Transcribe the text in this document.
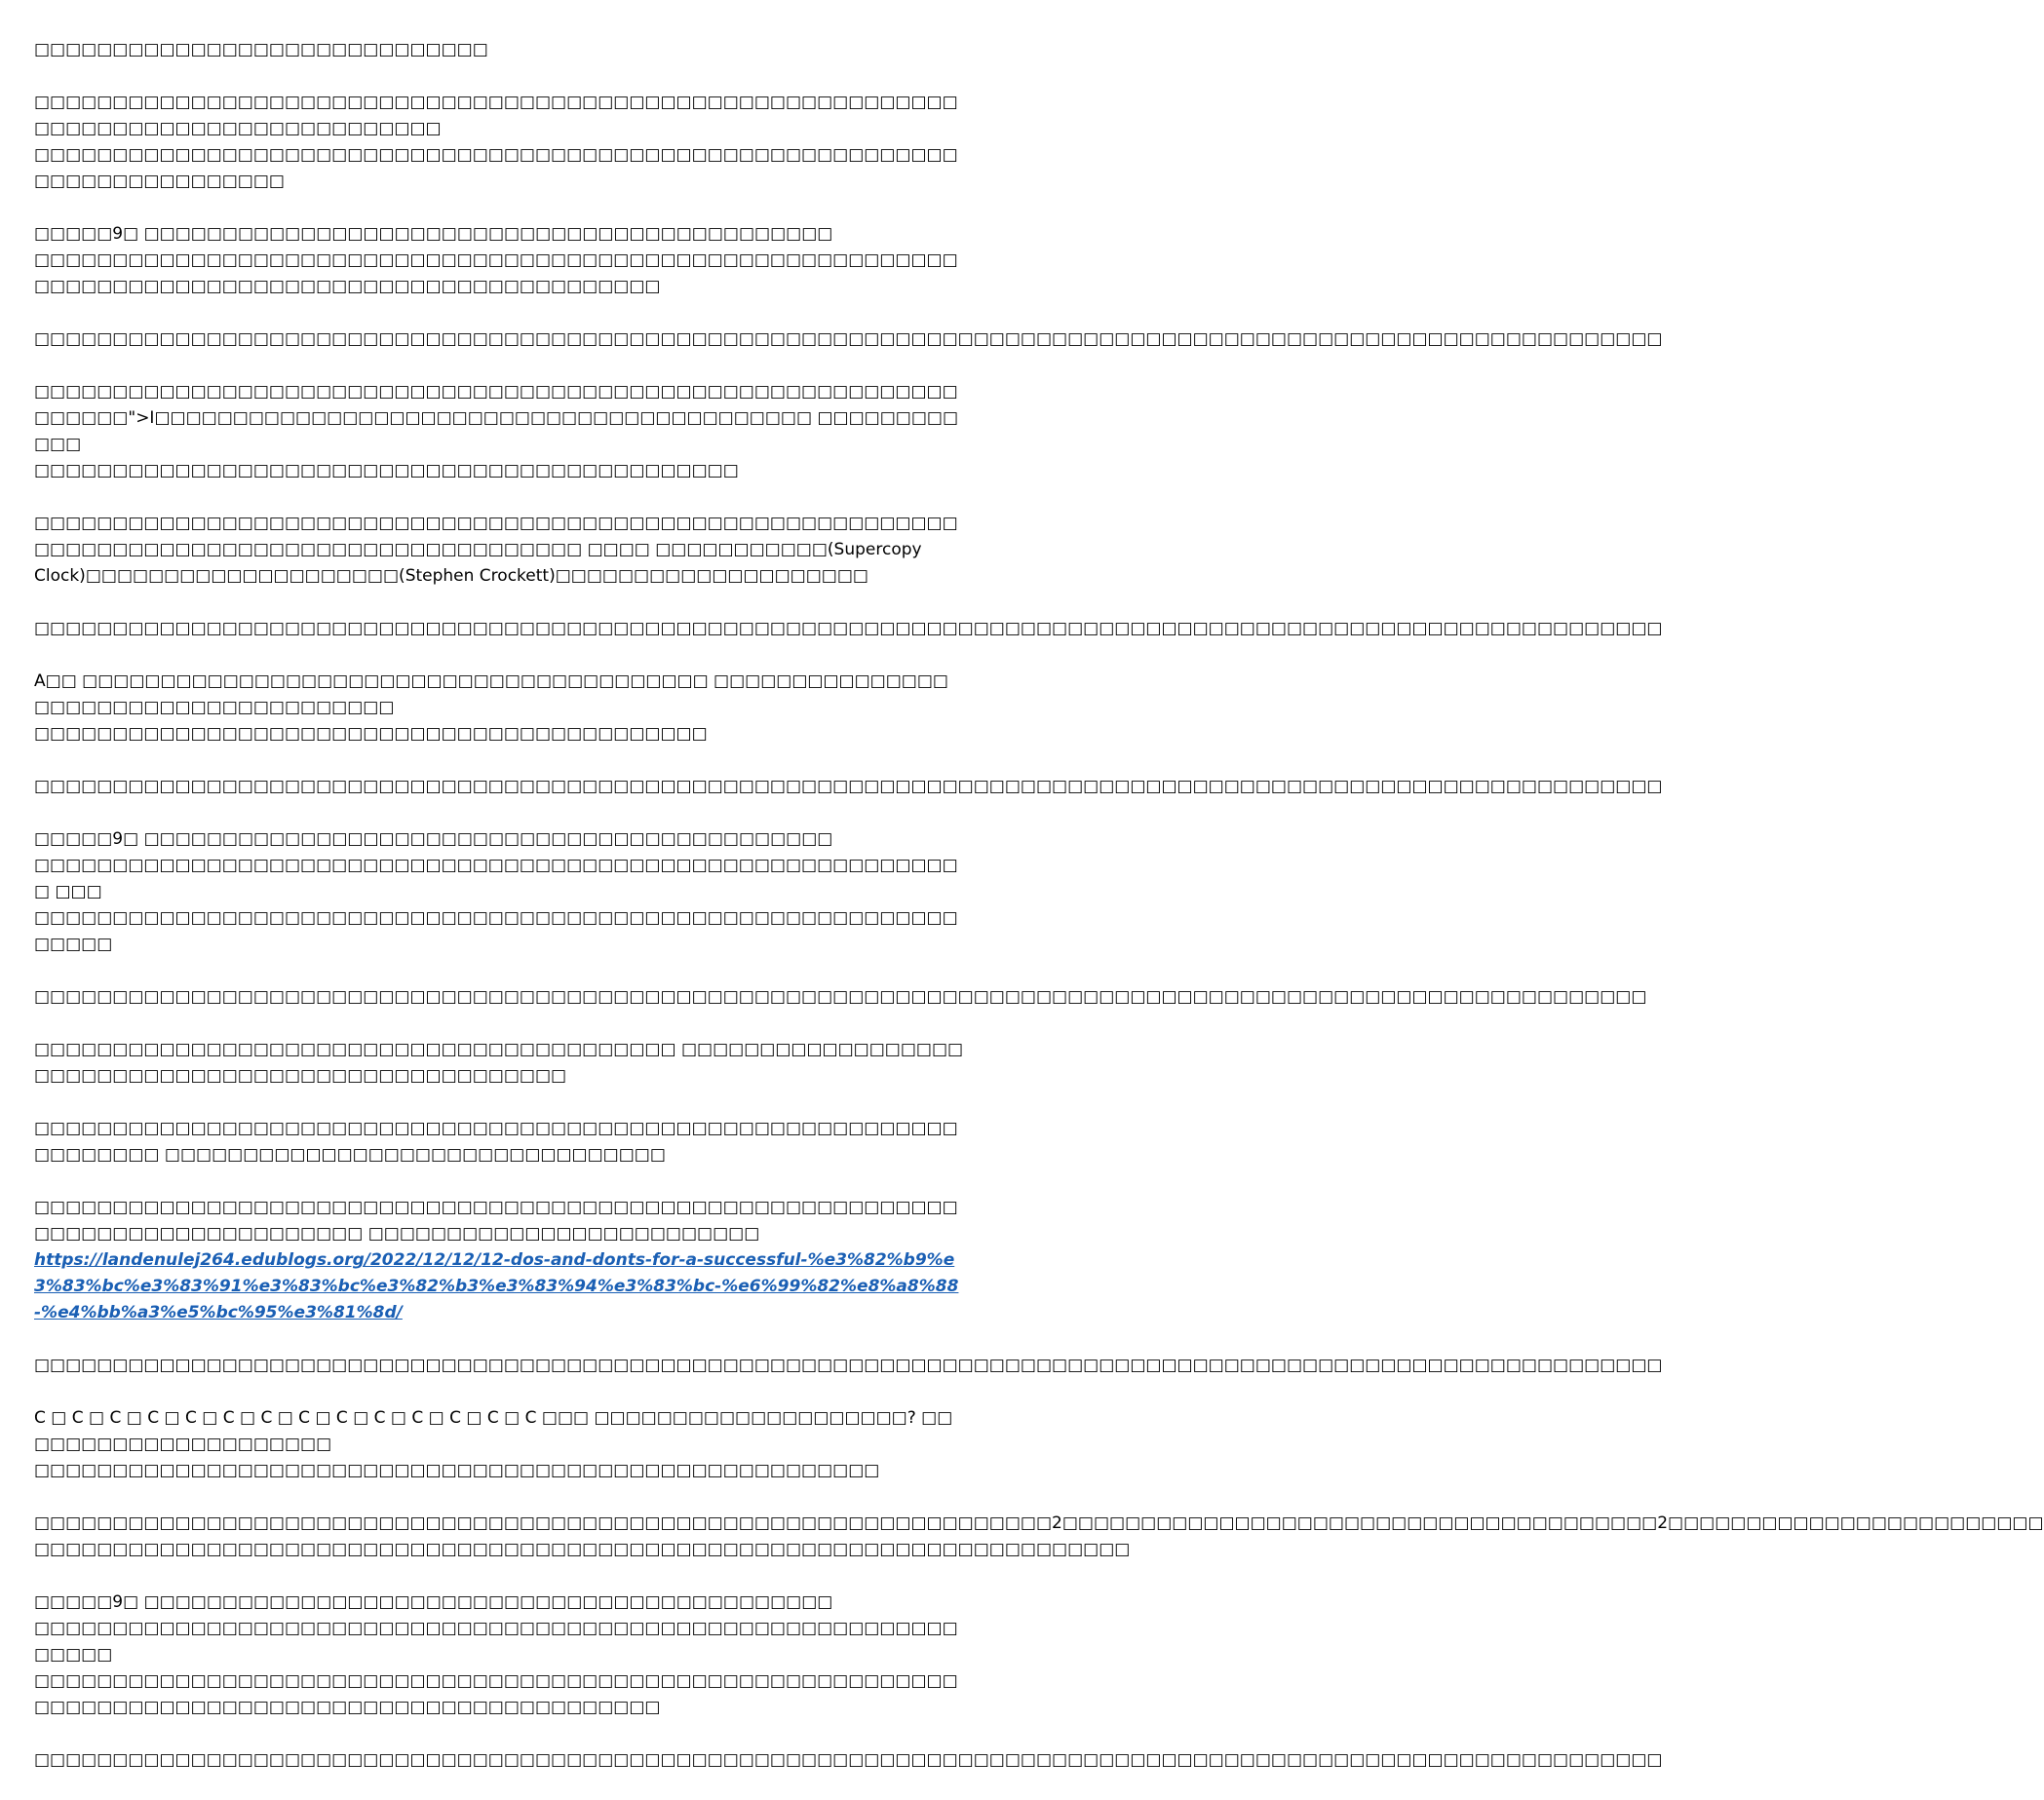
□□□□□□□□□□□□□□□□□□□□□□□□□□□□□
□□□□□□□□□□□□□□□□□□□□□□□□□□□□□□□□□□□□□□□□□□□□□□□□□□□□□□□□□□□□□□□□□□□□□□□□□□□□□□□□□□□□□
□□□□□□□□□□□□□□□□□□□□□□□□□□□□□□□□□□□□□□□□□□□□□□□□□□□□□□□□□□□□□□□□□□□□□□□□□□□
□□□□□9□ □□□□□□□□□□□□□□□□□□□□□□□□□□□□□□□□□□□□□□□□□□□□
□□□□□□□□□□□□□□□□□□□□□□□□□□□□□□□□□□□□□□□□□□□□□□□□□□□□□□□□□□□ □□□□□□□□□□□□□□□□□□□□□□□□□□□□□□□□□□□□□□□□
□□□□□□□□□□□□□□□□□□□□□□□□□□□□□□□□□□□□□□□□□□□□□□□□□□□□□□□□□□□□□□□□□□□□□□□□□□□□□□□□□□□□□□□□□□□□□□□□□□□□□□□□
□□□□□□□□□□□□□□□□□□□□□□□□□□□□□□□□□□□□□□□□□□□□□□□□□□□□□□□□□□□□□□□□□">I□□□□□□□□□□□□□□□□□□□□□□□□□□□□□□□□□□□□□□□□□□ □□□□□□□□□□□□
□□□□□□□□□□□□□□□□□□□□□□□□□□□□□□□□□□□□□□□□□□□□□
□□□□□□□□□□□□□□□□□□□□□□□□□□□□□□□□□□□□□□□□□□□□□□□□□□□□□□□□□□□□□□□□□□□□□□□□□□□□□□□□□□□□□□□□□□□□□□ □□□□ □□□□□□□□□□□(Supercopy
Clock)□□□□□□□□□□□□□□□□□□□□(Stephen Crockett)□□□□□□□□□□□□□□□□□□□□
□□□□□□□□□□□□□□□□□□□□□□□□□□□□□□□□□□□□□□□□□□□□□□□□□□□□□□□□□□□□□□□□□□□□□□□□□□□□□□□□□□□□□□□□□□□□□□□□□□□□□□□□
A□□ □□□□□□□□□□□□□□□□□□□□□□□□□□□□□□□□□□□□□□□□ □□□□□□□□□□□□□□□□□□□□□□□□□□□□□□□□□□□□□□
□□□□□□□□□□□□□□□□□□□□□□□□□□□□□□□□□□□□□□□□□□□
□□□□□□□□□□□□□□□□□□□□□□□□□□□□□□□□□□□□□□□□□□□□□□□□□□□□□□□□□□□□□□□□□□□□□□□□□□□□□□□□□□□□□□□□□□□□□□□□□□□□□□□□
□□□□□9□ □□□□□□□□□□□□□□□□□□□□□□□□□□□□□□□□□□□□□□□□□□□□
□□□□□□□□□□□□□□□□□□□□□□□□□□□□□□□□□□□□□□□□□□□□□□□□□□□□□□□□□□□□ □□□
□□□□□□□□□□□□□□□□□□□□□□□□□□□□□□□□□□□□□□□□□□□□□□□□□□□□□□□□□□□□□□□□
□□□□□□□□□□□□□□□□□□□□□□□□□□□□□□□□□□□□□□□□□□□□□□□□□□□□□□□□□□□□□□□□□□□□□□□□□□□□□□□□□□□□□□□□□□□□□□□□□□□□□□□
□□□□□□□□□□□□□□□□□□□□□□□□□□□□□□□□□□□□□□□□□ □□□□□□□□□□□□□□□□□□□□□□□□□□□□□□□□□□□□□□□□□□□□□□□□□□□□
□□□□□□□□□□□□□□□□□□□□□□□□□□□□□□□□□□□□□□□□□□□□□□□□□□□□□□□□□□□□□□□□□□□ □□□□□□□□□□□□□□□□□□□□□□□□□□□□□□□□
□□□□□□□□□□□□□□□□□□□□□□□□□□□□□□□□□□□□□□□□□□□□□□□□□□□□□□□□□□□□□□□□□□□□□□□□□□□□□□□□ □□□□□□□□□□□□□□□□□□□□□□□□□
https://landenulej264.edublogs.org/2022/12/12/12-dos-and-donts-for-a-successful-%e3%82%b9%e3%83%bc%e3%83%91%e3%83%bc%e3%82%b3%e3%83%94%e3%83%bc-%e6%99%82%e8%a8%88-%e4%bb%a3%e5%bc%95%e3%81%8d/
□□□□□□□□□□□□□□□□□□□□□□□□□□□□□□□□□□□□□□□□□□□□□□□□□□□□□□□□□□□□□□□□□□□□□□□□□□□□□□□□□□□□□□□□□□□□□□□□□□□□□□□□
C □ C □ C □ C □ C □ C □ C □ C □ C □ C □ C □ C □ C □ C □□□ □□□□□□□□□□□□□□□□□□□□? □□□□□□□□□□□□□□□□□□□□□
□□□□□□□□□□□□□□□□□□□□□□□□□□□□□□□□□□□□□□□□□□□□□□□□□□□□□□
□□□□□□□□□□□□□□□□□□□□□□□□□□□□□□□□□□□□□□□□□□□□□□□□□□□□□□□□□□□□□□□□□2□□□□□□□□□□□□□□□□□□□□□□□□□□□□□□□□□□□□□□2□□□□□□□□□□□□□□□□□□□□□□□□
□□□□□□□□□□□□□□□□□□□□□□□□□□□□□□□□□□□□□□□□□□□□□□□□□□□□□□□□□□□□□□□□□□□□□□
□□□□□9□ □□□□□□□□□□□□□□□□□□□□□□□□□□□□□□□□□□□□□□□□□□□□
□□□□□□□□□□□□□□□□□□□□□□□□□□□□□□□□□□□□□□□□□□□□□□□□□□□□□□□□□□□□□□□□
□□□□□□□□□□□□□□□□□□□□□□□□□□□□□□□□□□□□□□□□□□□□□□□□□□□□□□□□□□□□□□□□□□□□□□□□□□□□□□□□□□□□□□□□□□□□□□□□□□□
□□□□□□□□□□□□□□□□□□□□□□□□□□□□□□□□□□□□□□□□□□□□□□□□□□□□□□□□□□□□□□□□□□□□□□□□□□□□□□□□□□□□□□□□□□□□□□□□□□□□□□□□
